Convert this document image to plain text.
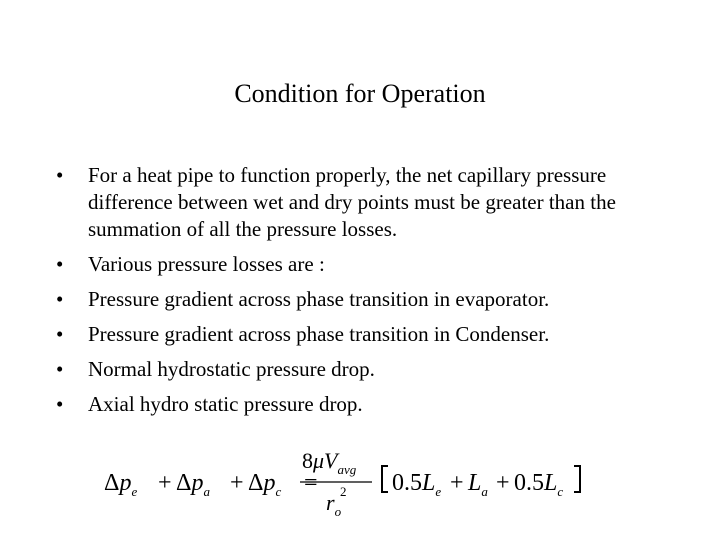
Condition for Operation
•	For a heat pipe to function properly, the net capillary pressure difference between wet and dry points must be greater than the summation of all the pressure losses.
•	Various pressure losses are :
•	Pressure gradient across phase transition in evaporator.
•	Pressure gradient across phase transition in Condenser.
•	Normal hydrostatic pressure drop.
•	Axial hydro static pressure drop.
$\Delta p_e + \Delta p_a + \Delta p_c$ =
$8\mu V_{avg}$
$r_o$
2 $0.5L_e + L_a + 0.5L_c$
